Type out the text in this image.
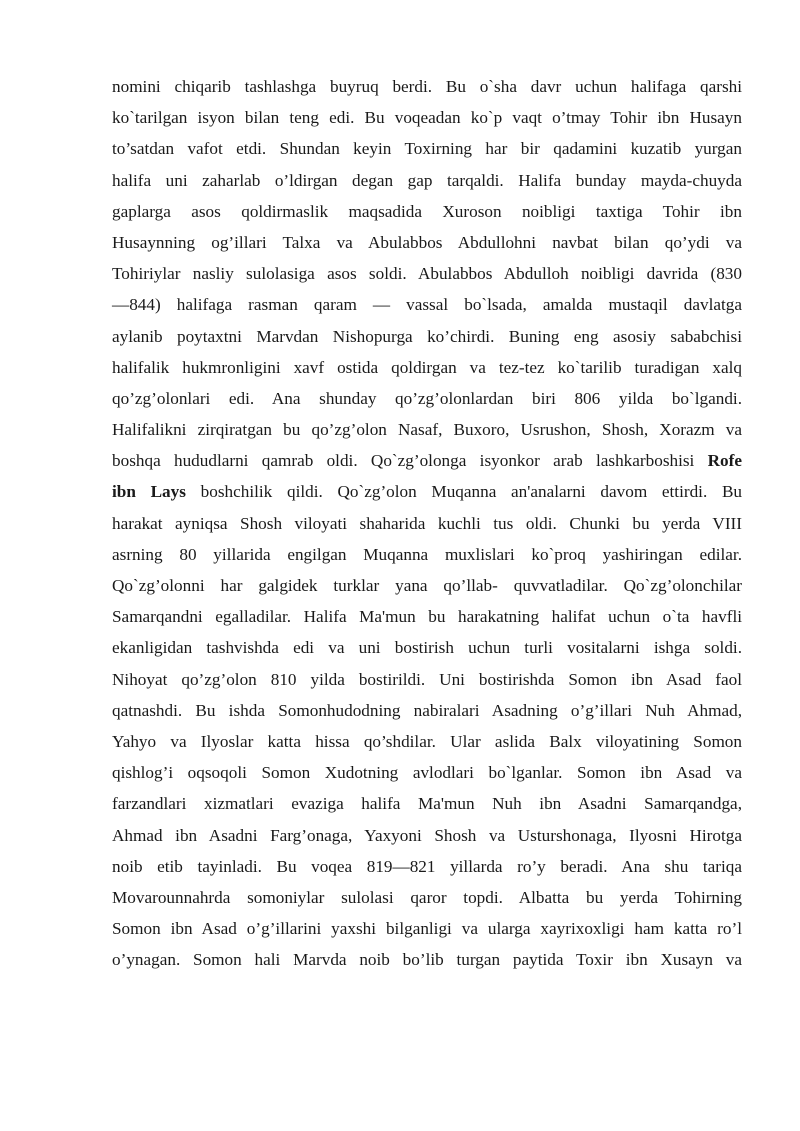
nomini chiqarib tashlashga buyruq berdi. Bu o`sha davr uchun halifaga qarshi
ko`tarilgan isyon bilan teng edi. Bu voqeadan ko`p vaqt o’tmay Tohir ibn Husayn
to’satdan vafot etdi. Shundan keyin Toxirning har bir qadamini kuzatib yurgan
halifa uni zaharlab o’ldirgan degan gap tarqaldi. Halifa bunday mayda-chuyda
gaplarga asos qoldirmaslik maqsadida Xuroson noibligi taxtiga Tohir ibn
Husaynning og’illari Talxa va Abulabbos Abdullohni navbat bilan qo’ydi va
Tohiriylar nasliy sulolasiga asos soldi. Abulabbos Abdulloh noibligi davrida (830
—844) halifaga rasman qaram — vassal bo`lsada, amalda mustaqil davlatga
aylanib poytaxtni Marvdan Nishopurga ko’chirdi. Buning eng asosiy sababchisi
halifalik hukmronligini xavf ostida qoldirgan va tez-tez ko`tarilib turadigan xalq
qo’zg’olonlari edi. Ana shunday qo’zg’olonlardan biri 806 yilda bo`lgandi.
Halifalikni zirqiratgan bu qo’zg’olon Nasaf, Buxoro, Usrushon, Shosh, Xorazm va
boshqa hududlarni qamrab oldi. Qo`zg’olonga isyonkor arab lashkarboshisi Rofe
ibn Lays boshchilik qildi. Qo`zg’olon Muqanna an'analarni davom ettirdi. Bu
harakat ayniqsa Shosh viloyati shaharida kuchli tus oldi. Chunki bu yerda VIII
asrning 80 yillarida engilgan Muqanna muxlislari ko`proq yashiringan edilar.
Qo`zg’olonni har galgidek turklar yana qo’llab- quvvatladilar. Qo`zg’olonchilar
Samarqandni egalladilar. Halifa Ma'mun bu harakatning halifat uchun o`ta havfli
ekanligidan tashvishda edi va uni bostirish uchun turli vositalarni ishga soldi.
Nihoyat qo’zg’olon 810 yilda bostirildi. Uni bostirishda Somon ibn Asad faol
qatnashdi. Bu ishda Somonhudodning nabiralari Asadning o’g’illari Nuh Ahmad,
Yahyo va Ilyoslar katta hissa qo’shdilar. Ular aslida Balx viloyatining Somon
qishlog’i oqsoqoli Somon Xudotning avlodlari bo`lganlar. Somon ibn Asad va
farzandlari xizmatlari evaziga halifa Ma'mun Nuh ibn Asadni Samarqandga,
Ahmad ibn Asadni Farg’onaga, Yaxyoni Shosh va Usturshonaga, Ilyosni Hirotga
noib etib tayinladi. Bu voqea 819—821 yillarda ro’y beradi. Ana shu tariqa
Movarounnahrda somoniylar sulolasi qaror topdi. Albatta bu yerda Tohirning
Somon ibn Asad o’g’illarini yaxshi bilganligi va ularga xayrixoxligi ham katta ro’l
o’ynagan. Somon hali Marvda noib bo’lib turgan paytida Toxir ibn Xusayn va
